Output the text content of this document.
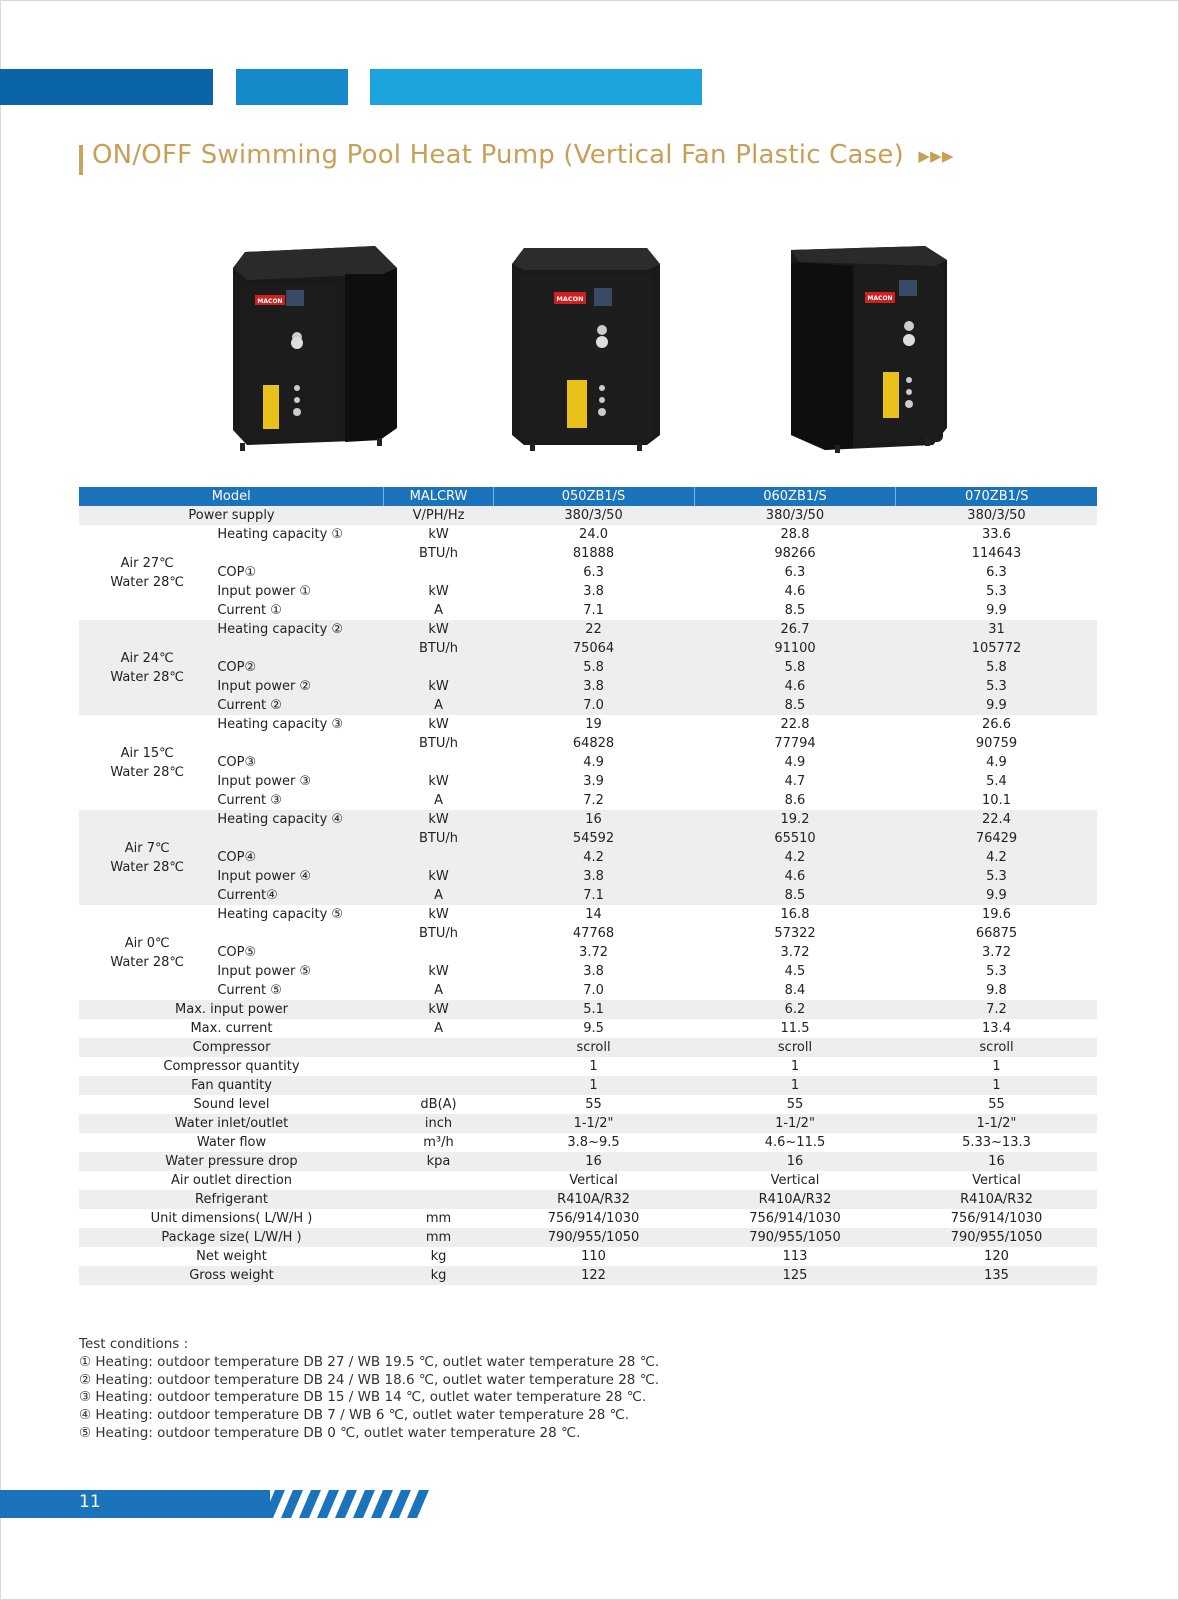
ON/OFF Swimming Pool Heat Pump (Vertical Fan Plastic Case) ▶▶▶
MACON	MACON	MACON
Model		MALCRW	050ZB1/S	060ZB1/S	070ZB1/S
Power supply		V/PH/Hz	380/3/50	380/3/50	380/3/50

Air 27℃
Water 28℃	Heating capacity ①	kW	24.0	28.8	33.6
		BTU/h	81888	98266	114643
	COP①		6.3	6.3	6.3
	Input power ①	kW	3.8	4.6	5.3
	Current ①	A	7.1	8.5	9.9

Air 24℃
Water 28℃	Heating capacity ②	kW	22	26.7	31
		BTU/h	75064	91100	105772
	COP②		5.8	5.8	5.8
	Input power ②	kW	3.8	4.6	5.3
	Current ②	A	7.0	8.5	9.9

Air 15℃
Water 28℃	Heating capacity ③	kW	19	22.8	26.6
		BTU/h	64828	77794	90759
	COP③		4.9	4.9	4.9
	Input power ③	kW	3.9	4.7	5.4
	Current ③	A	7.2	8.6	10.1

Air 7℃
Water 28℃	Heating capacity ④	kW	16	19.2	22.4
		BTU/h	54592	65510	76429
	COP④		4.2	4.2	4.2
	Input power ④	kW	3.8	4.6	5.3
	Current④	A	7.1	8.5	9.9

Air 0℃
Water 28℃	Heating capacity ⑤	kW	14	16.8	19.6
		BTU/h	47768	57322	66875
	COP⑤		3.72	3.72	3.72
	Input power ⑤	kW	3.8	4.5	5.3
	Current ⑤	A	7.0	8.4	9.8
Max. input power		kW	5.1	6.2	7.2
Max. current		A	9.5	11.5	13.4
Compressor			scroll	scroll	scroll
Compressor quantity			1	1	1
Fan quantity			1	1	1
Sound level		dB(A)	55	55	55
Water inlet/outlet		inch	1-1/2"	1-1/2"	1-1/2"
Water flow		m³/h	3.8~9.5	4.6~11.5	5.33~13.3
Water pressure drop		kpa	16	16	16
Air outlet direction			Vertical	Vertical	Vertical
Refrigerant			R410A/R32	R410A/R32	R410A/R32
Unit dimensions( L/W/H )		mm	756/914/1030	756/914/1030	756/914/1030
Package size( L/W/H )		mm	790/955/1050	790/955/1050	790/955/1050
Net weight		kg	110	113	120
Gross weight		kg	122	125	135
Test conditions :
① Heating: outdoor temperature DB 27 / WB 19.5 ℃, outlet water temperature 28 ℃.
② Heating: outdoor temperature DB 24 / WB 18.6 ℃, outlet water temperature 28 ℃.
③ Heating: outdoor temperature DB 15 / WB 14 ℃, outlet water temperature 28 ℃.
④ Heating: outdoor temperature DB 7 / WB 6 ℃, outlet water temperature 28 ℃.
⑤ Heating: outdoor temperature DB 0 ℃, outlet water temperature 28 ℃.
11
